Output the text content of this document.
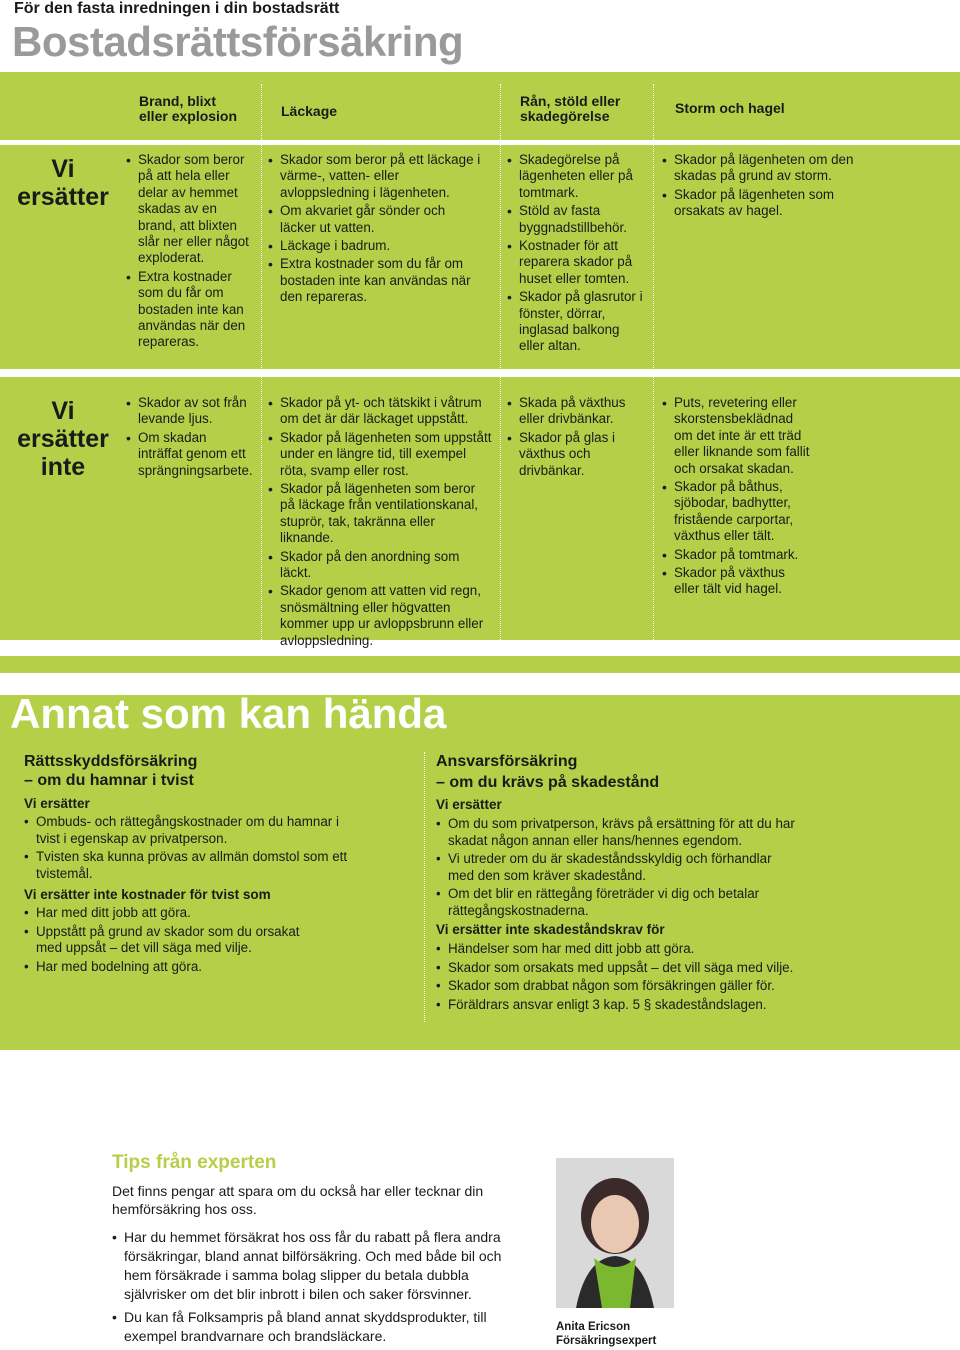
För den fasta inredningen i din bostadsrätt
Bostadsrättsförsäkring
Brand, blixt
eller explosion	Läckage
Rån, stöld eller
skadegörelse	Storm och hagel
Vi
ersätter
Vi
ersätter
inte
• Skador som beror på att hela eller delar av hemmet skadas av en brand, att blixten slår ner eller något exploderat.
• Extra kostnader som du får om bostaden inte kan användas när den repareras.
• Skador som beror på ett läckage i värme-, vatten- eller avloppsledning i lägenheten.
• Om akvariet går sönder och läcker ut vatten.
• Läckage i badrum.
• Extra kostnader som du får om bostaden inte kan användas när den repareras.
• Skadegörelse på lägenheten eller på tomtmark.
• Stöld av fasta byggnadstillbehör.
• Kostnader för att reparera skador på huset eller tomten.
• Skador på glasrutor i fönster, dörrar, inglasad balkong eller altan.
• Skador på lägenheten om den skadas på grund av storm.
• Skador på lägenheten som orsakats av hagel.
• Skador av sot från levande ljus.
• Om skadan inträffat genom ett sprängningsarbete.
• Skador på yt- och tätskikt i våtrum om det är där läckaget uppstått.
• Skador på lägenheten som uppstått under en längre tid, till exempel röta, svamp eller rost.
• Skador på lägenheten som beror på läckage från ventilationskanal, stuprör, tak, takränna eller liknande.
• Skador på den anordning som läckt.
• Skador genom att vatten vid regn, snösmältning eller högvatten kommer upp ur avloppsbrunn eller avloppsledning.
• Skada på växthus eller drivbänkar.
• Skador på glas i växthus och drivbänkar.
• Puts, revetering eller skorstensbeklädnad om det inte är ett träd eller liknande som fallit och orsakat skadan.
• Skador på båthus, sjöbodar, badhytter, fristående carportar, växthus eller tält.
• Skador på tomtmark.
• Skador på växthus eller tält vid hagel.
Annat som kan hända
Rättsskyddsförsäkring
– om du hamnar i tvist
Vi ersätter
• Ombuds- och rättegångskostnader om du hamnar i tvist i egenskap av privatperson.
• Tvisten ska kunna prövas av allmän domstol som ett tvistemål.
Vi ersätter inte kostnader för tvist som
• Har med ditt jobb att göra.
• Uppstått på grund av skador som du orsakat med uppsåt – det vill säga med vilje.
• Har med bodelning att göra.
Ansvarsförsäkring
– om du krävs på skadestånd
Vi ersätter
• Om du som privatperson, krävs på ersättning för att du har skadat någon annan eller hans/hennes egendom.
• Vi utreder om du är skadeståndsskyldig och förhandlar med den som kräver skadestånd.
• Om det blir en rättegång företräder vi dig och betalar rättegångskostnaderna.
Vi ersätter inte skadeståndskrav för
• Händelser som har med ditt jobb att göra.
• Skador som orsakats med uppsåt – det vill säga med vilje.
• Skador som drabbat någon som försäkringen gäller för.
• Föräldrars ansvar enligt 3 kap. 5 § skadeståndslagen.
Tips från experten
Det finns pengar att spara om du också har eller tecknar din hemförsäkring hos oss.
• Har du hemmet försäkrat hos oss får du rabatt på flera andra försäkringar, bland annat bilförsäkring. Och med både bil och hem försäkrade i samma bolag slipper du betala dubbla självrisker om det blir inbrott i bilen och saker försvinner.
• Du kan få Folksampris på bland annat skyddsprodukter, till exempel brandvarnare och brandsläckare.
Anita Ericson
Försäkringsexpert
